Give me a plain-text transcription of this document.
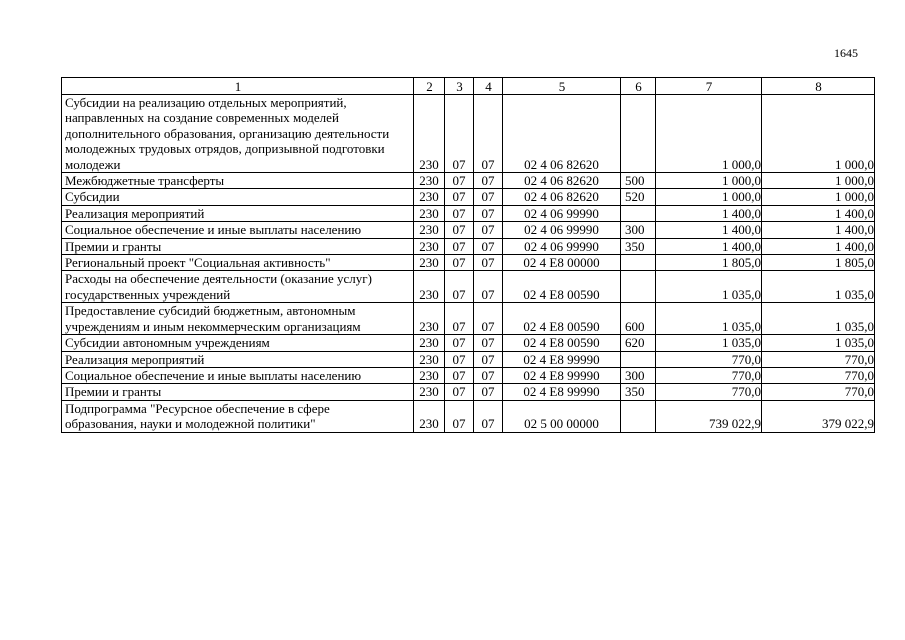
1645
1	2	3	4	5	6	7	8
Субсидии на реализацию отдельных мероприятий, направленных на создание современных моделей дополнительного образования, организацию деятельности молодежных трудовых отрядов, допризывной подготовки молодежи	230	07	07	02 4 06 82620		1 000,0	1 000,0
Межбюджетные трансферты	230	07	07	02 4 06 82620	500	1 000,0	1 000,0
Субсидии	230	07	07	02 4 06 82620	520	1 000,0	1 000,0
Реализация мероприятий	230	07	07	02 4 06 99990		1 400,0	1 400,0
Социальное обеспечение и иные выплаты населению	230	07	07	02 4 06 99990	300	1 400,0	1 400,0
Премии и гранты	230	07	07	02 4 06 99990	350	1 400,0	1 400,0
Региональный проект "Социальная активность"	230	07	07	02 4 E8 00000		1 805,0	1 805,0
Расходы на обеспечение деятельности (оказание услуг) государственных учреждений	230	07	07	02 4 E8 00590		1 035,0	1 035,0
Предоставление субсидий бюджетным, автономным учреждениям и иным некоммерческим организациям	230	07	07	02 4 E8 00590	600	1 035,0	1 035,0
Субсидии автономным учреждениям	230	07	07	02 4 E8 00590	620	1 035,0	1 035,0
Реализация мероприятий	230	07	07	02 4 E8 99990		770,0	770,0
Социальное обеспечение и иные выплаты населению	230	07	07	02 4 E8 99990	300	770,0	770,0
Премии и гранты	230	07	07	02 4 E8 99990	350	770,0	770,0
Подпрограмма "Ресурсное обеспечение в сфере образования, науки и молодежной политики"	230	07	07	02 5 00 00000		739 022,9	379 022,9
